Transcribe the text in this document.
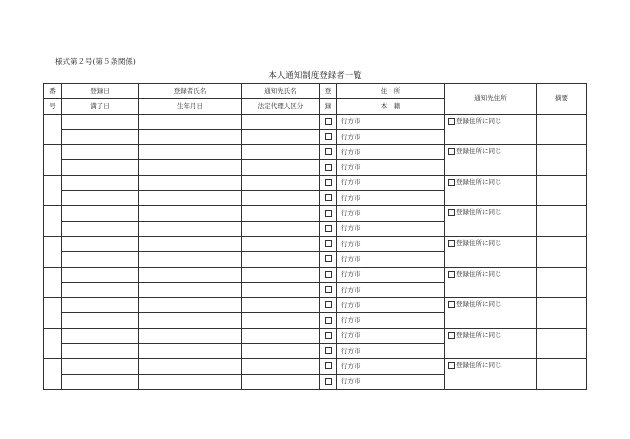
様式第２号(第５条関係)
本人通知制度登録者一覧
番	登録日	登録者氏名	通知先氏名	登	住　所	通知先住所	摘要
号	満了日	生年月日	法定代理人区分	録	本　籍		
					行方市	登録住所に同じ	

					行方市		
					行方市	登録住所に同じ	

					行方市		
					行方市	登録住所に同じ	

					行方市		
					行方市	登録住所に同じ	

					行方市		
					行方市	登録住所に同じ	

					行方市		
					行方市	登録住所に同じ	

					行方市		
					行方市	登録住所に同じ	

					行方市		
					行方市	登録住所に同じ	

					行方市		
					行方市	登録住所に同じ	

					行方市		
